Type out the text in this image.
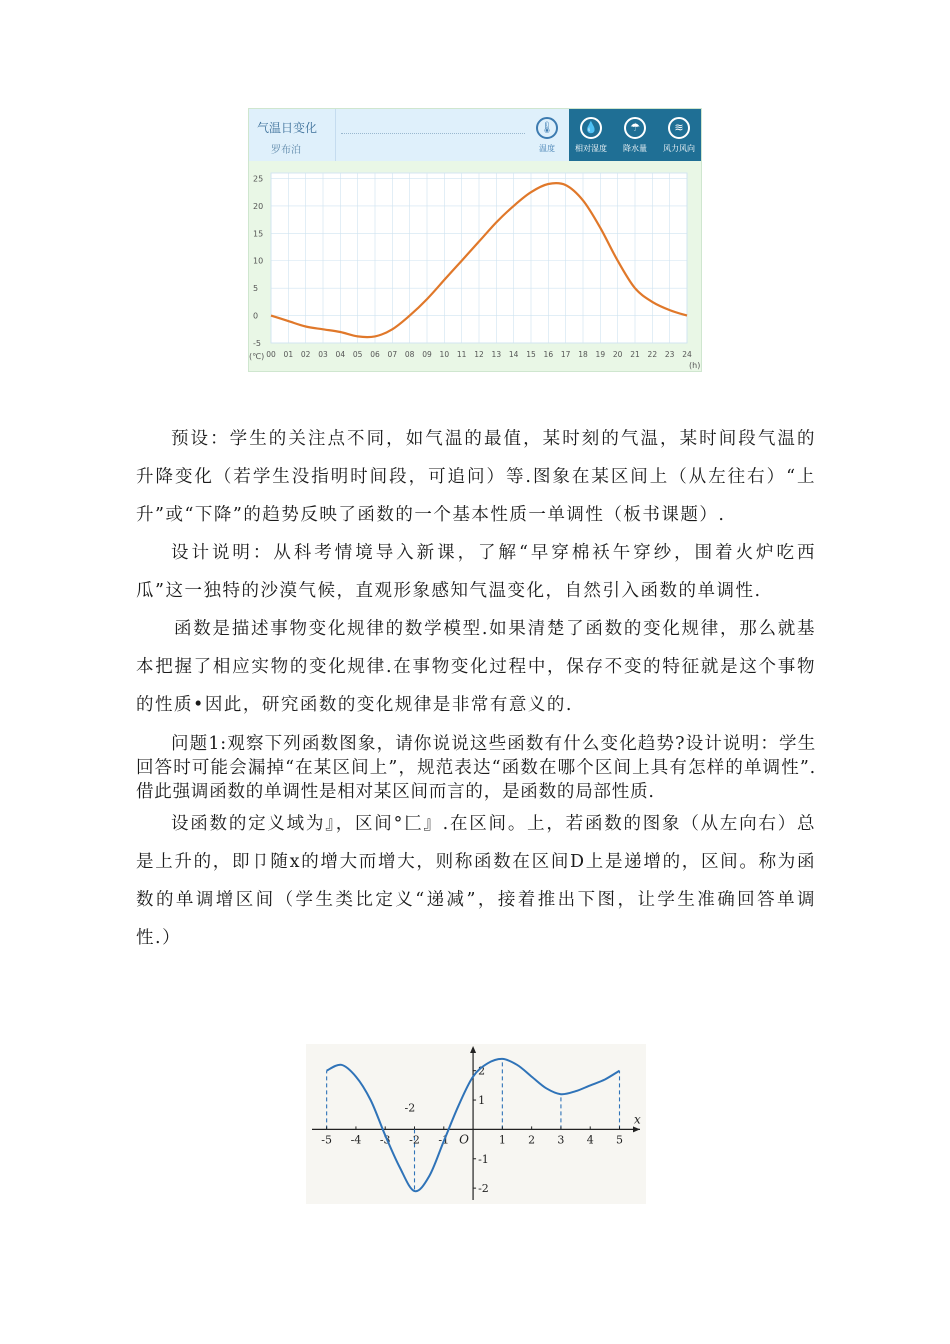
气温日变化
罗布泊
🌡
温度
💧
相对湿度
☂
降水量
≋
风力风向
-5
0
5
10
15
20
25
00 01 02 03 04 05 06 07 08 09 10 11 12 13 14 15 16 17 18 19 20 21 22 23 24
(℃)
(h)

预设：学生的关注点不同，如气温的最值，某时刻的气温，某时间段气温的升降变化（若学生没指明时间段，可追问）等.图象在某区间上（从左往右）“上升”或“下降”的趋势反映了函数的一个基本性质一单调性（板书课题）.

设计说明：从科考情境导入新课，了解“早穿棉袄午穿纱，围着火炉吃西瓜”这一独特的沙漠气候，直观形象感知气温变化，自然引入函数的单调性.

函数是描述事物变化规律的数学模型.如果清楚了函数的变化规律，那么就基本把握了相应实物的变化规律.在事物变化过程中，保存不变的特征就是这个事物的性质•因此，研究函数的变化规律是非常有意义的.

问题1:观察下列函数图象，请你说说这些函数有什么变化趋势?设计说明：学生回答时可能会漏掉“在某区间上”，规范表达“函数在哪个区间上具有怎样的单调性”.借此强调函数的单调性是相对某区间而言的，是函数的局部性质.

设函数的定义域为』，区间°匚』.在区间。上，若函数的图象（从左向右）总是上升的，即卩随x的增大而增大，则称函数在区间D上是递增的，区间。称为函数的单调增区间（学生类比定义“递减”，接着推出下图，让学生准确回答单调性.）

-5 -4 -3 -2 -1	1 2 3 4 5
2
1
-1
-2
O
x
-2
